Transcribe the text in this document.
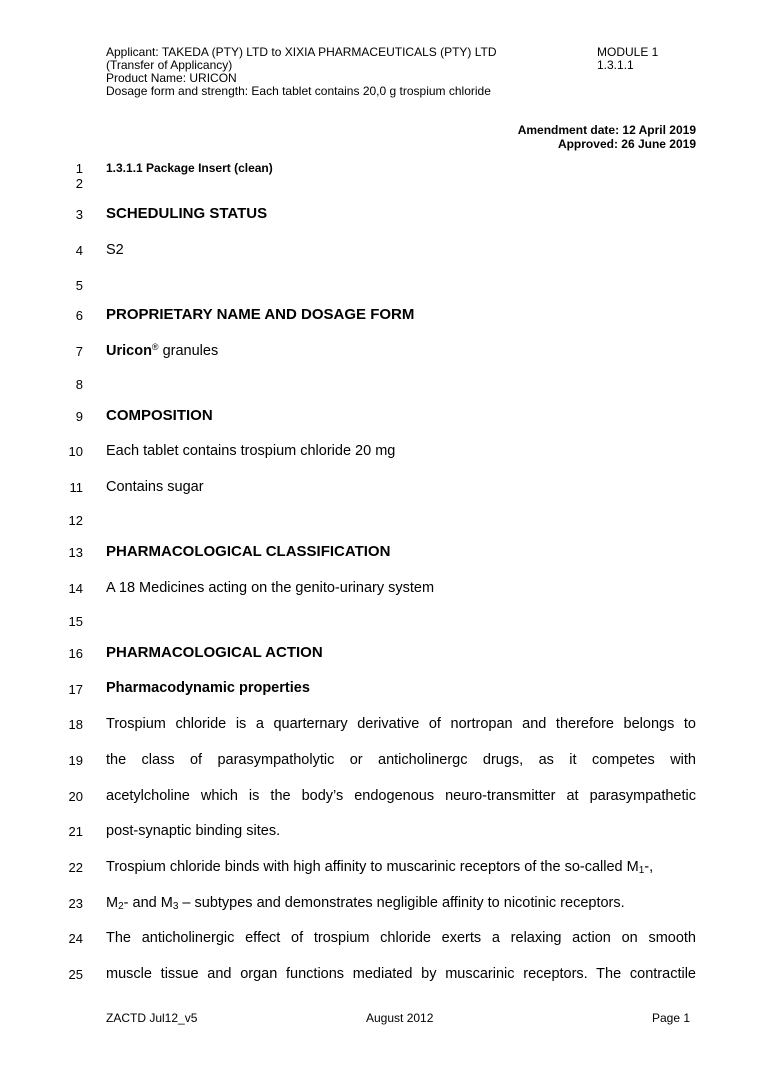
Applicant: TAKEDA (PTY) LTD to XIXIA PHARMACEUTICALS (PTY) LTD
(Transfer of Applicancy)
Product Name: URICON
Dosage form and strength: Each tablet contains 20,0 g trospium chloride
MODULE 1
1.3.1.1
Amendment date: 12 April 2019
Approved: 26 June 2019
1
2
3
4
5
6
7
8
9
10
11
12
13
14
15
16
17
18
19
20
21
22
23
24
25
1.3.1.1 Package Insert (clean)
SCHEDULING STATUS
S2
PROPRIETARY NAME AND DOSAGE FORM
Uricon® granules
COMPOSITION
Each tablet contains trospium chloride 20 mg
Contains sugar
PHARMACOLOGICAL CLASSIFICATION
A 18 Medicines acting on the genito-urinary system
PHARMACOLOGICAL ACTION
Pharmacodynamic properties
Trospium chloride is a quarternary derivative of nortropan and therefore belongs to
the class of parasympatholytic or anticholinergc drugs, as it competes with
acetylcholine which is the body’s endogenous neuro-transmitter at parasympathetic
post-synaptic binding sites.
Trospium chloride binds with high affinity to muscarinic receptors of the so-called $M_1-$,
$M_2-$ and $M_3$ – subtypes and demonstrates negligible affinity to nicotinic receptors.
The anticholinergic effect of trospium chloride exerts a relaxing action on smooth
muscle tissue and organ functions mediated by muscarinic receptors. The contractile
ZACTD Jul12_v5	August 2012	Page 1
